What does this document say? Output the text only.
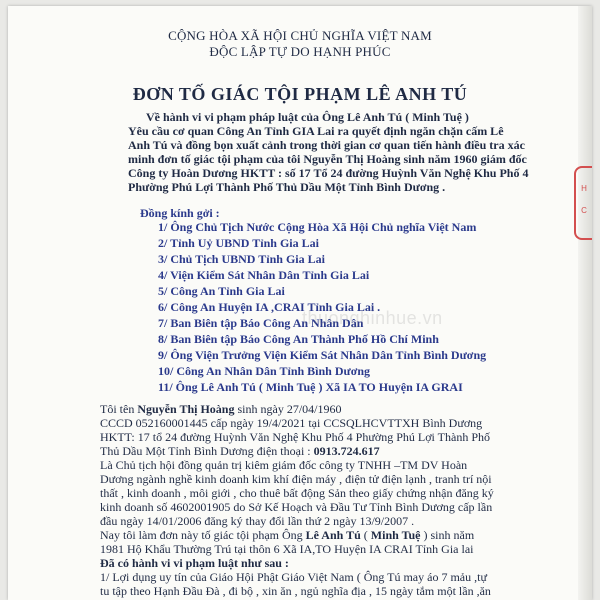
H
C
CỘNG HÒA XÃ HỘI CHỦ NGHĨA VIỆT NAM
ĐỘC LẬP TỰ DO HẠNH PHÚC
ĐƠN TỐ GIÁC TỘI PHẠM LÊ ANH TÚ
Về hành vi vi phạm pháp luật của Ông Lê Anh Tú ( Minh Tuệ )
Yêu cầu cơ quan Công An Tỉnh GIA Lai ra quyết định ngăn chặn cấm Lê
Anh Tú và đồng bọn xuất cảnh trong thời gian cơ quan tiến hành điều tra xác
minh đơn tố giác tội phạm của tôi Nguyễn Thị Hoàng sinh năm 1960 giám đốc
Công ty Hoàn Dương HKTT : số 17 Tổ 24 đường Huỳnh Văn Nghệ Khu Phố 4
Phường Phú Lợi Thành Phố Thủ Dầu Một Tỉnh Bình Dương .
Đồng kính gởi :
1/ Ông Chủ Tịch Nước Cộng Hòa Xã Hội Chủ nghĩa Việt Nam
2/ Tỉnh Uỷ UBND Tỉnh Gia Lai
3/ Chủ Tịch UBND Tỉnh Gia Lai
4/ Viện Kiểm Sát Nhân Dân Tỉnh Gia Lai
5/ Công An Tỉnh Gia Lai
6/ Công An Huyện IA ,CRAI Tỉnh Gia Lai .
7/ Ban Biên tập Báo Công An Nhân Dân
8/ Ban Biên tập Báo Công An Thành Phố Hồ Chí Minh
9/ Ông Viện Trưởng Viện Kiểm Sát Nhân Dân Tỉnh Bình Dương
10/ Công An Nhân Dân Tỉnh Bình Dương
11/ Ông Lê Anh Tú ( Minh Tuệ ) Xã IA TO Huyện IA GRAI
thuonghinhue.vn
Tôi tên Nguyễn Thị Hoàng sinh ngày 27/04/1960
CCCD 052160001445 cấp ngày 19/4/2021 tại CCSQLHCVTTXH Bình Dương
HKTT: 17 tổ 24 đường Huỳnh Văn Nghệ Khu Phố 4 Phường Phú Lợi Thành Phố
Thủ Dầu Một Tỉnh Bình Dương điện thoại : 0913.724.617
Là Chủ tịch hội đồng quản trị kiêm giám đốc công ty TNHH –TM DV Hoàn
Dương ngành nghề kinh doanh kim khí điện máy , điện tử điện lạnh , tranh trí nội
thất , kinh doanh , môi giới , cho thuê bất động Sản theo giấy chứng nhận đăng ký
kinh doanh số 4602001905 do Sở Kế Hoạch và Đầu Tư Tỉnh Bình Dương cấp lần
đầu ngày 14/01/2006 đăng ký thay đổi lần thứ 2 ngày 13/9/2007 .
Nay tôi làm đơn này tố giác tội phạm Ông Lê Anh Tú ( Minh Tuệ ) sinh năm
1981 Hộ Khẩu Thường Trú tại thôn 6 Xã IA,TO Huyện IA CRAI Tỉnh Gia lai
Đã có hành vi vi phạm luật như sau :
1/ Lợi dụng uy tín của Giáo Hội Phật Giáo Việt Nam ( Ông Tú may áo 7 mảu ,tự
tu tập theo Hạnh Đầu Đà , đi bộ , xin ăn , ngủ nghĩa địa , 15 ngày tắm một lần ,ăn
